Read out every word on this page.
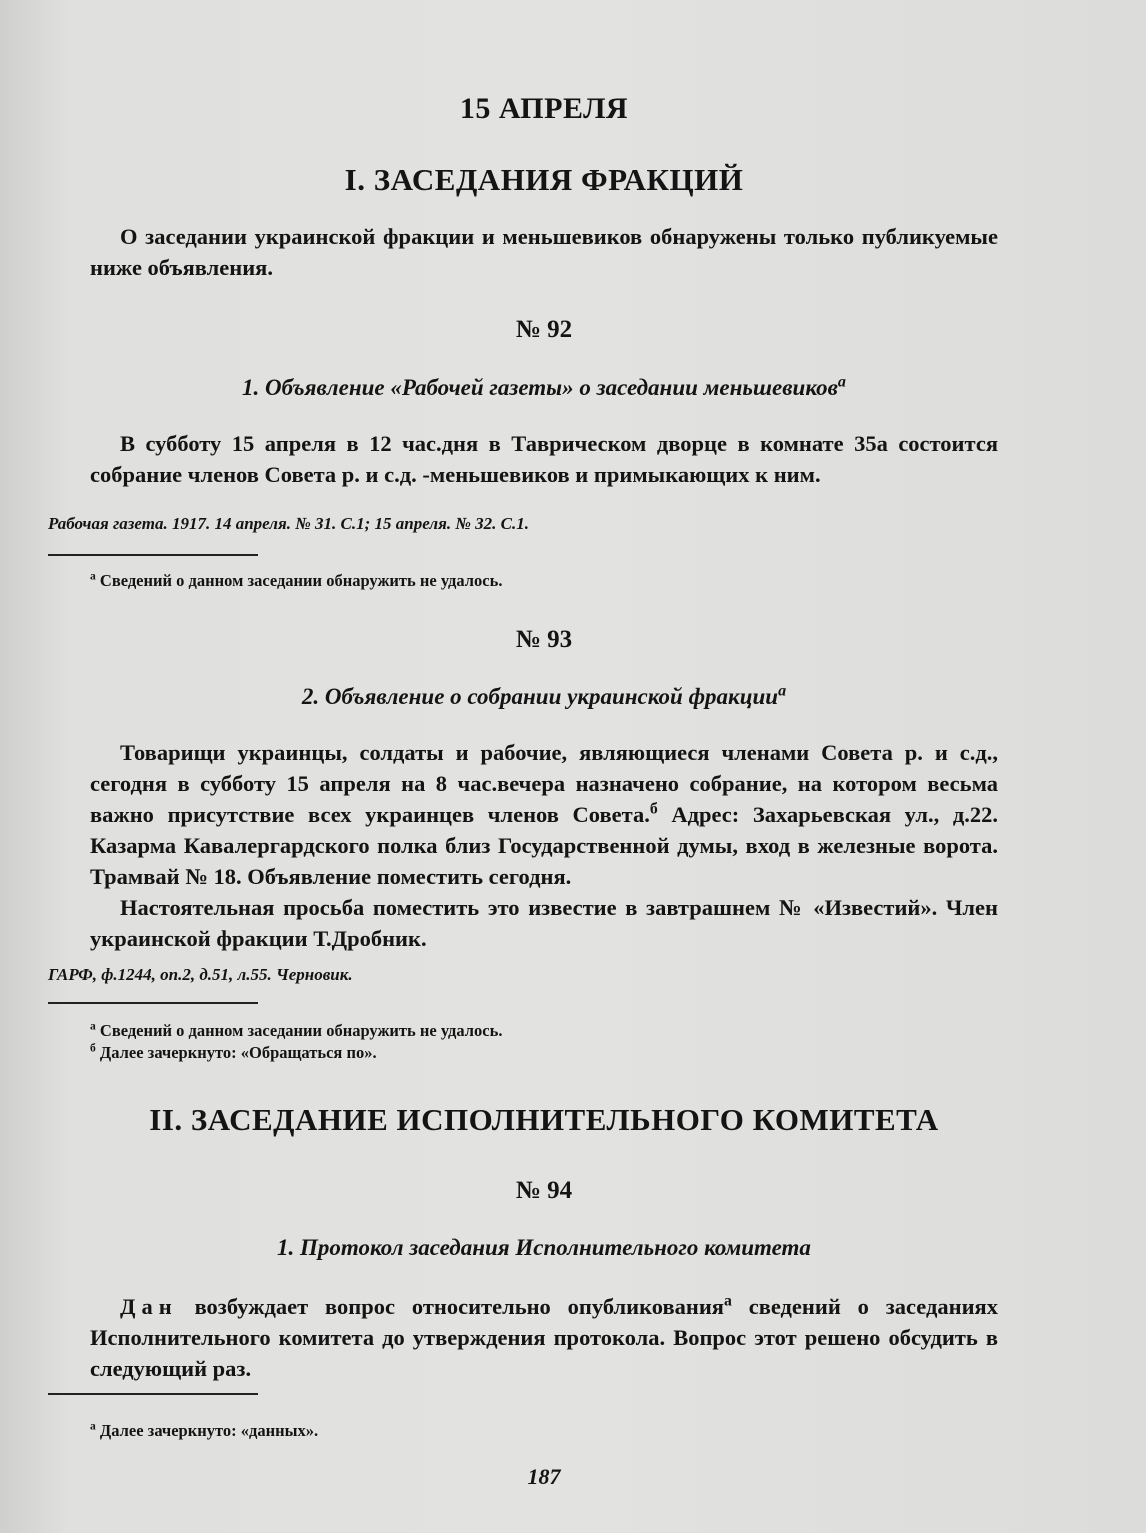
15 АПРЕЛЯ
I. ЗАСЕДАНИЯ ФРАКЦИЙ

О заседании украинской фракции и меньшевиков обнаружены только публикуемые ниже объявления.

№ 92
1. Объявление «Рабочей газеты» о заседании меньшевиков$^а$

В субботу 15 апреля в 12 час.дня в Таврическом дворце в комнате 35а состоится собрание членов Совета р. и с.д. -меньшевиков и примыкающих к ним.

Рабочая газета. 1917. 14 апреля. № 31. С.1; 15 апреля. № 32. С.1.
$^а$ Сведений о данном заседании обнаружить не удалось.
№ 93
2. Объявление о собрании украинской фракции$^а$

Товарищи украинцы, солдаты и рабочие, являющиеся членами Совета р. и с.д., сегодня в субботу 15 апреля на 8 час.вечера назначено собрание, на котором весьма важно присутствие всех украинцев членов Совета.$^б$ Адрес: Захарьевская ул., д.22. Казарма Кавалергардского полка близ Государственной думы, вход в железные ворота. Трамвай № 18. Объявление поместить сегодня.

Настоятельная просьба поместить это известие в завтрашнем № «Известий». Член украинской фракции Т.Дробник.

ГАРФ, ф.1244, оп.2, д.51, л.55. Черновик.
$^а$ Сведений о данном заседании обнаружить не удалось.
$^б$ Далее зачеркнуто: «Обращаться по».
II. ЗАСЕДАНИЕ ИСПОЛНИТЕЛЬНОГО КОМИТЕТА
№ 94
1. Протокол заседания Исполнительного комитета

Дан возбуждает вопрос относительно опубликования$^а$ сведений о заседаниях Исполнительного комитета до утверждения протокола. Вопрос этот решено обсудить в следующий раз.

$^а$ Далее зачеркнуто: «данных».
187
